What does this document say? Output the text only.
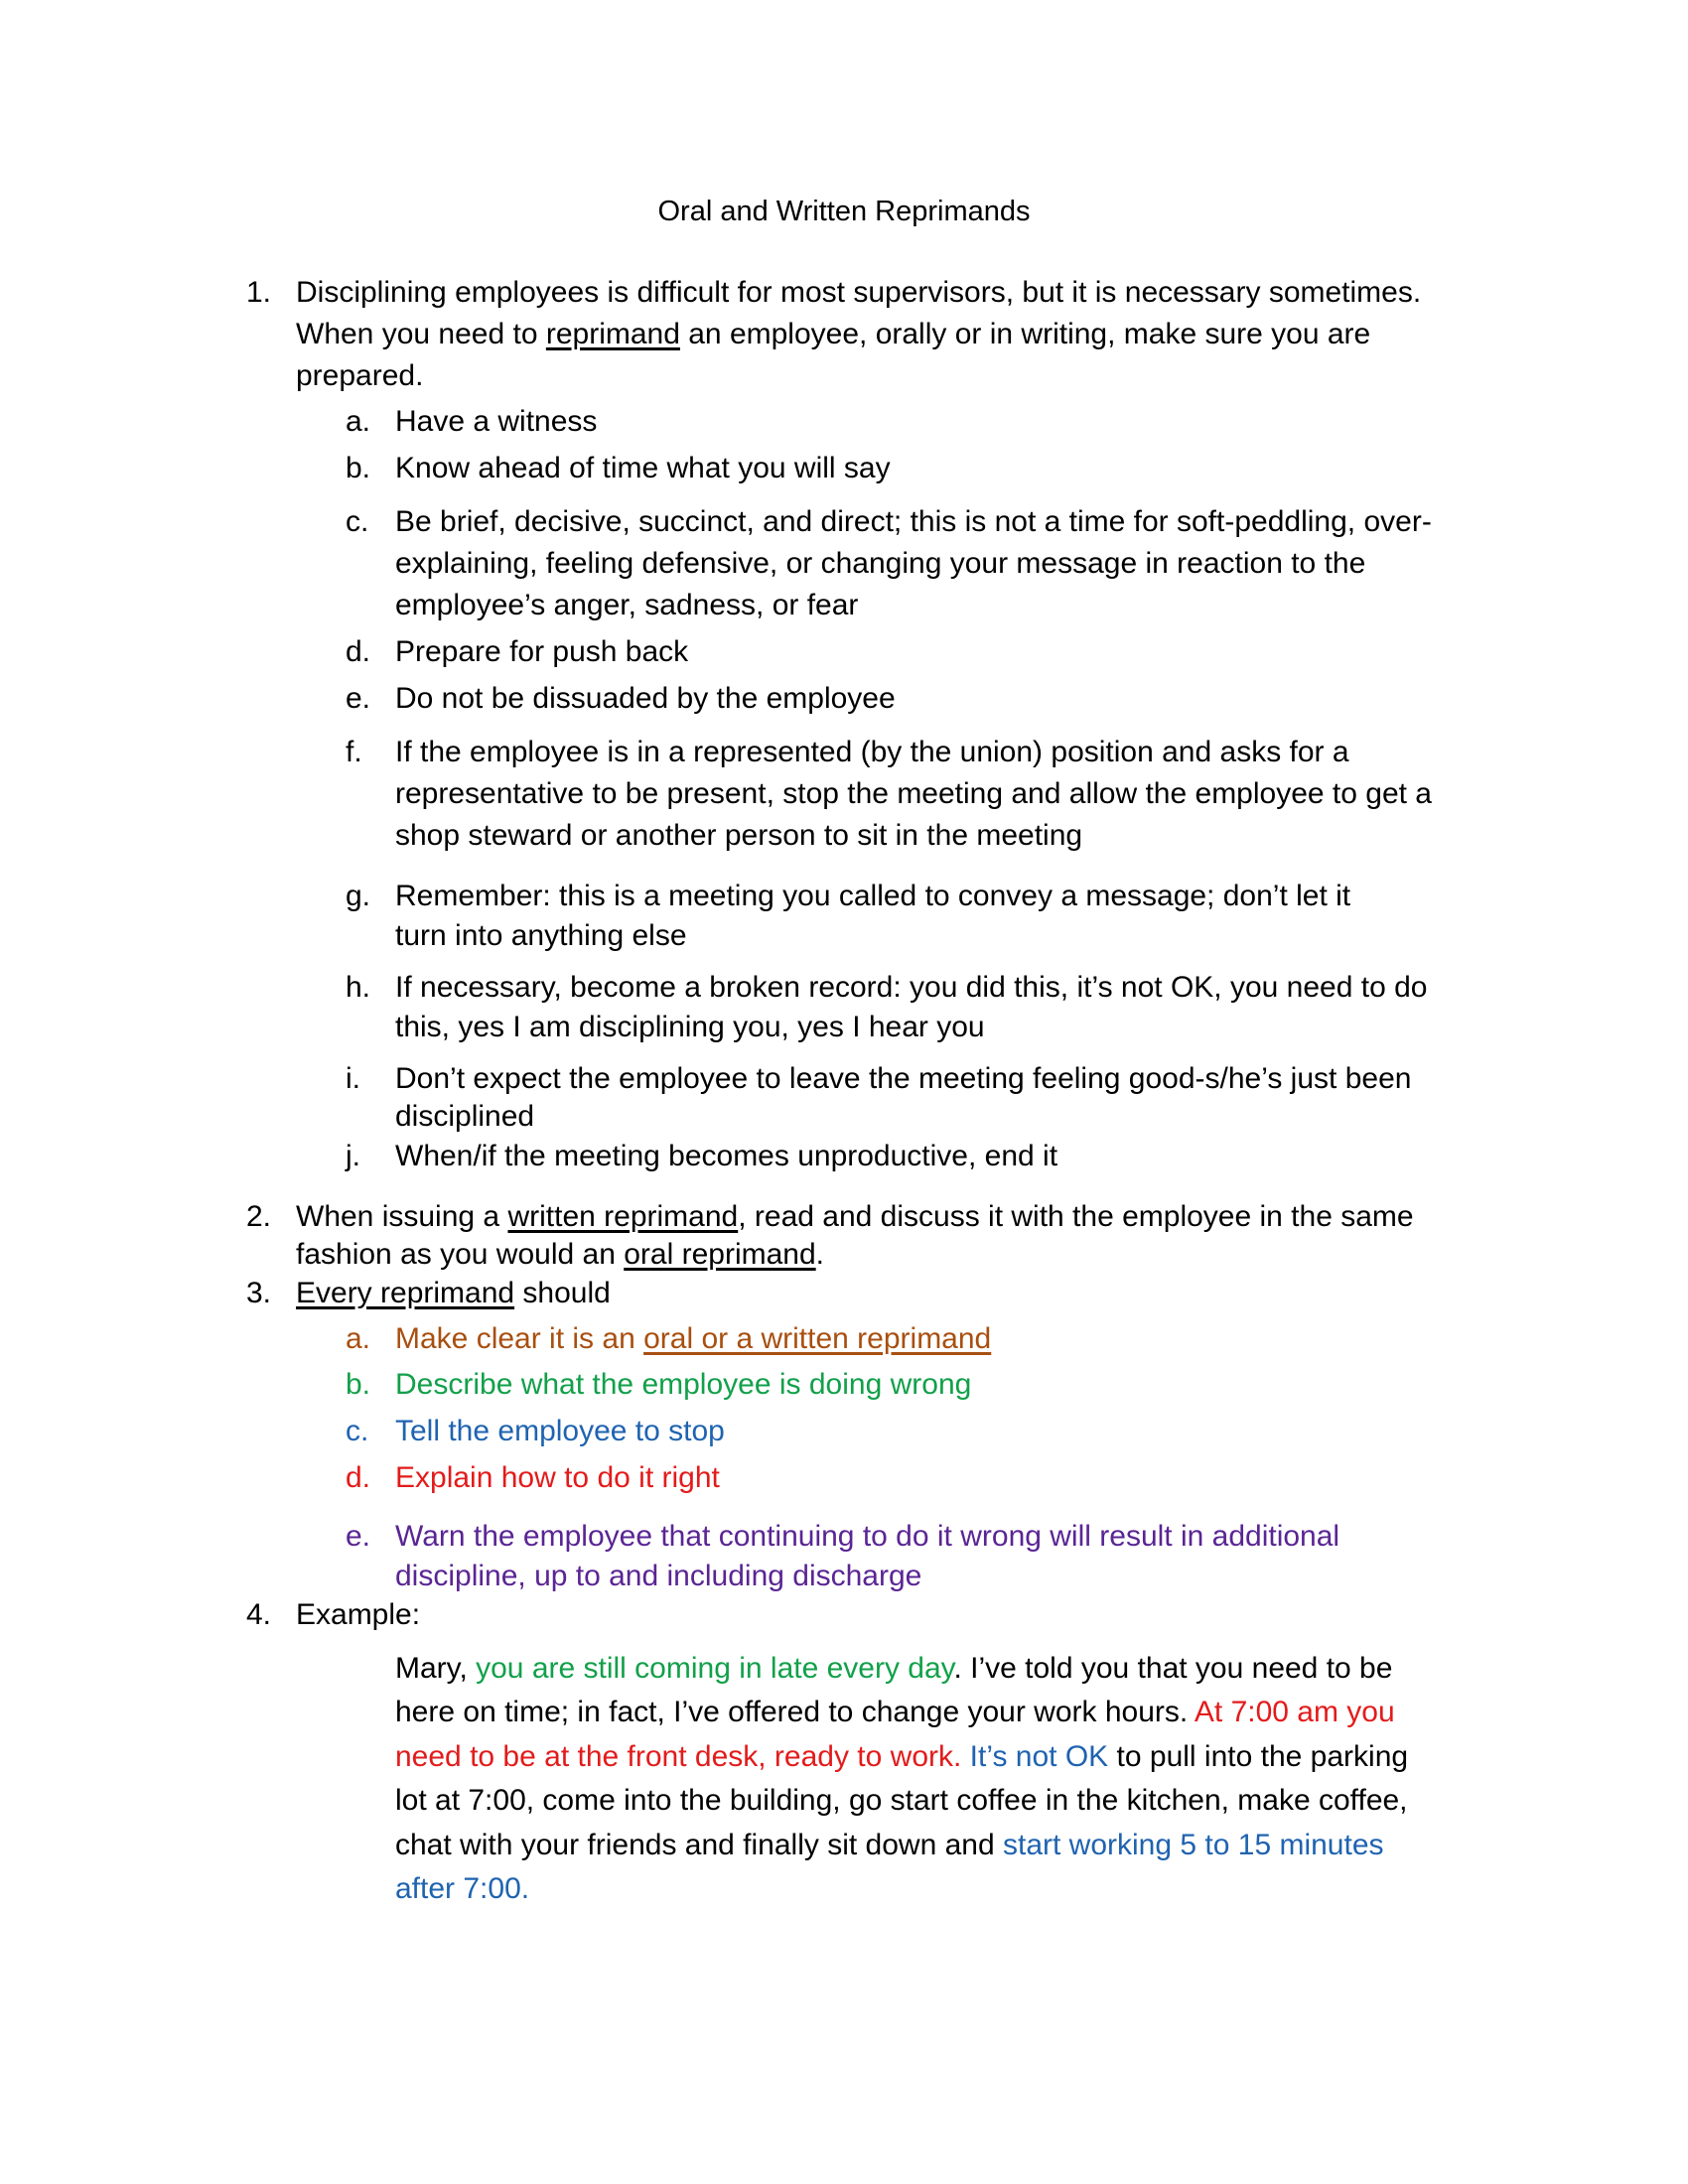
Oral and Written Reprimands
1. Disciplining employees is difficult for most supervisors, but it is necessary sometimes.
When you need to reprimand an employee, orally or in writing, make sure you are
prepared.
a. Have a witness
b. Know ahead of time what you will say
c. Be brief, decisive, succinct, and direct; this is not a time for soft-peddling, over-
explaining, feeling defensive, or changing your message in reaction to the
employee’s anger, sadness, or fear
d. Prepare for push back
e. Do not be dissuaded by the employee
f. If the employee is in a represented (by the union) position and asks for a
representative to be present, stop the meeting and allow the employee to get a
shop steward or another person to sit in the meeting
g. Remember: this is a meeting you called to convey a message; don’t let it
turn into anything else
h. If necessary, become a broken record: you did this, it’s not OK, you need to do
this, yes I am disciplining you, yes I hear you
i. Don’t expect the employee to leave the meeting feeling good-s/he’s just been
disciplined
j. When/if the meeting becomes unproductive, end it
2. When issuing a written reprimand, read and discuss it with the employee in the same
fashion as you would an oral reprimand.
3. Every reprimand should
a. Make clear it is an oral or a written reprimand
b. Describe what the employee is doing wrong
c. Tell the employee to stop
d. Explain how to do it right
e. Warn the employee that continuing to do it wrong will result in additional
discipline, up to and including discharge
4. Example:
Mary, you are still coming in late every day. I’ve told you that you need to be
here on time; in fact, I’ve offered to change your work hours. At 7:00 am you
need to be at the front desk, ready to work. It’s not OK to pull into the parking
lot at 7:00, come into the building, go start coffee in the kitchen, make coffee,
chat with your friends and finally sit down and start working 5 to 15 minutes
after 7:00.
